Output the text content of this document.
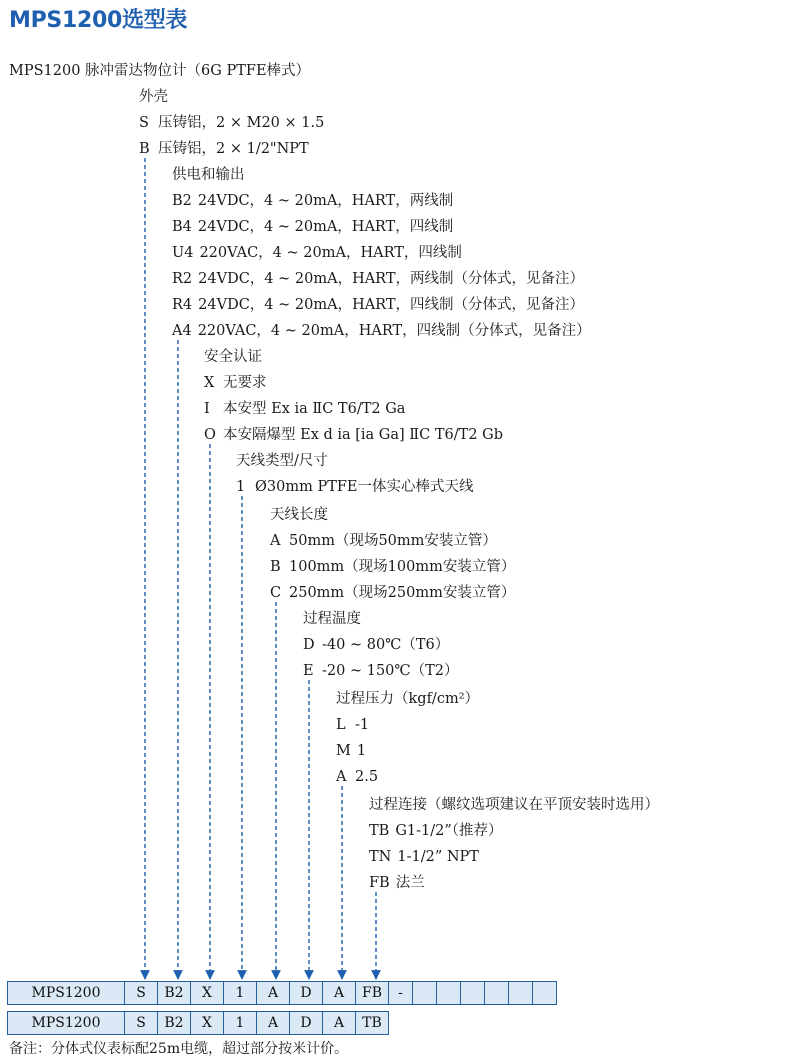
MPS1200选型表
MPS1200 脉冲雷达物位计（6G PTFE棒式）
外壳
S 压铸铝，2 × M20 × 1.5
B 压铸铝，2 × 1/2"NPT
供电和输出
B2 24VDC，4 ~ 20mA，HART，两线制
B4 24VDC，4 ~ 20mA，HART，四线制
U4 220VAC，4 ~ 20mA，HART，四线制
R2 24VDC，4 ~ 20mA，HART，两线制（分体式，见备注）
R4 24VDC，4 ~ 20mA，HART，四线制（分体式，见备注）
A4 220VAC，4 ~ 20mA，HART，四线制（分体式，见备注）
安全认证
X 无要求
I 本安型 Ex ia ⅡC T6/T2 Ga
O 本安隔爆型 Ex d ia [ia Ga] ⅡC T6/T2 Gb
天线类型/尺寸
1 Ø30mm PTFE一体实心棒式天线
天线长度
A 50mm（现场50mm安装立管）
B 100mm（现场100mm安装立管）
C 250mm（现场250mm安装立管）
过程温度
D -40 ~ 80℃（T6）
E -20 ~ 150℃（T2）
过程压力（kgf/cm²）
L -1
M 1
A 2.5
过程连接（螺纹选项建议在平顶安装时选用）
TB G1-1/2”（推荐）
TN 1-1/2” NPT
FB 法兰
MPS1200	S	B2	X	1	A	D	A	FB	-						
MPS1200	S	B2	X	1	A	D	A	TB
备注：分体式仪表标配25m电缆，超过部分按米计价。
